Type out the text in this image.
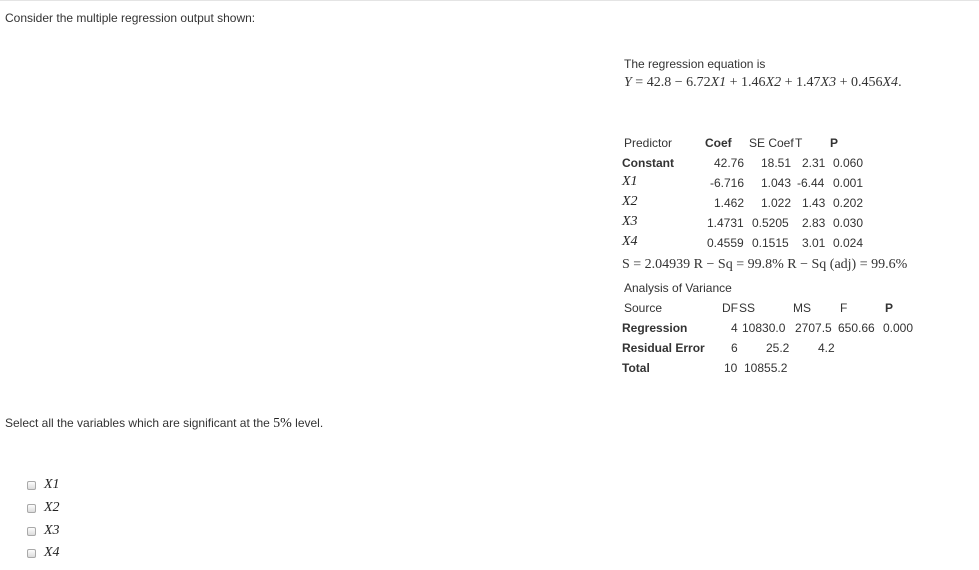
Consider the multiple regression output shown:
The regression equation is
Y = 42.8 − 6.72X1 + 1.46X2 + 1.47X3 + 0.456X4.
Predictor	Coef SE Coef T P
Constant	42.76 18.51 2.31 0.060
X1	-6.716 1.043 -6.44 0.001
X2	1.462 1.022 1.43 0.202
X3	1.4731 0.5205 2.83 0.030
X4	0.4559 0.1515 3.01 0.024
S = 2.04939 R − Sq = 99.8% R − Sq (adj) = 99.6%
Analysis of Variance
Source	DF SS	MS F	P
Regression	4 10830.0 2707.5 650.66 0.000
Residual Error 6 25.2 4.2
Total	10 10855.2
Select all the variables which are significant at the 5% level.
X1
X2
X3
X4
